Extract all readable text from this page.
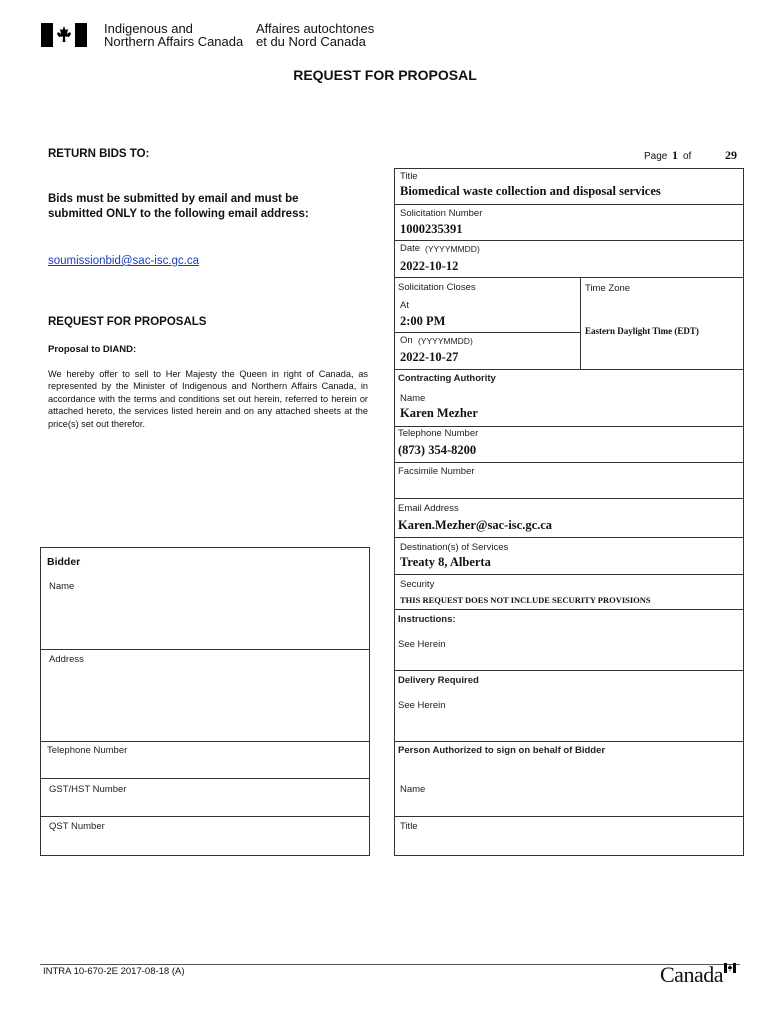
Indigenous and
Northern Affairs Canada
Affaires autochtones
et du Nord Canada
REQUEST FOR PROPOSAL
RETURN BIDS TO:
Bids must be submitted by email and must be
submitted ONLY to the following email address:
soumissionbid@sac-isc.gc.ca
REQUEST FOR PROPOSALS
Proposal to DIAND:
We hereby offer to sell to Her Majesty the Queen in right of Canada, as represented by the Minister of Indigenous and Northern Affairs Canada, in accordance with the terms and conditions set out herein, referred to herein or attached hereto, the services listed herein and on any attached sheets at the price(s) set out therefor.
Page 1 of	29
Title
Biomedical waste collection and disposal services
Solicitation Number
1000235391
Date (YYYYMMDD)
2022-10-12
Solicitation Closes	Time Zone
At
2:00 PM
Eastern Daylight Time (EDT)
On (YYYYMMDD)
2022-10-27
Contracting Authority
Name
Karen Mezher
Telephone Number
(873) 354-8200
Facsimile Number
Email Address
Karen.Mezher@sac-isc.gc.ca
Destination(s) of Services
Treaty 8, Alberta
Security
THIS REQUEST DOES NOT INCLUDE SECURITY PROVISIONS
Instructions:
See Herein
Delivery Required
See Herein
Person Authorized to sign on behalf of Bidder
Name
Title
Bidder
Name
Address
Telephone Number
GST/HST Number
QST Number
INTRA 10-670-2E 2017-08-18 (A)	Canada
